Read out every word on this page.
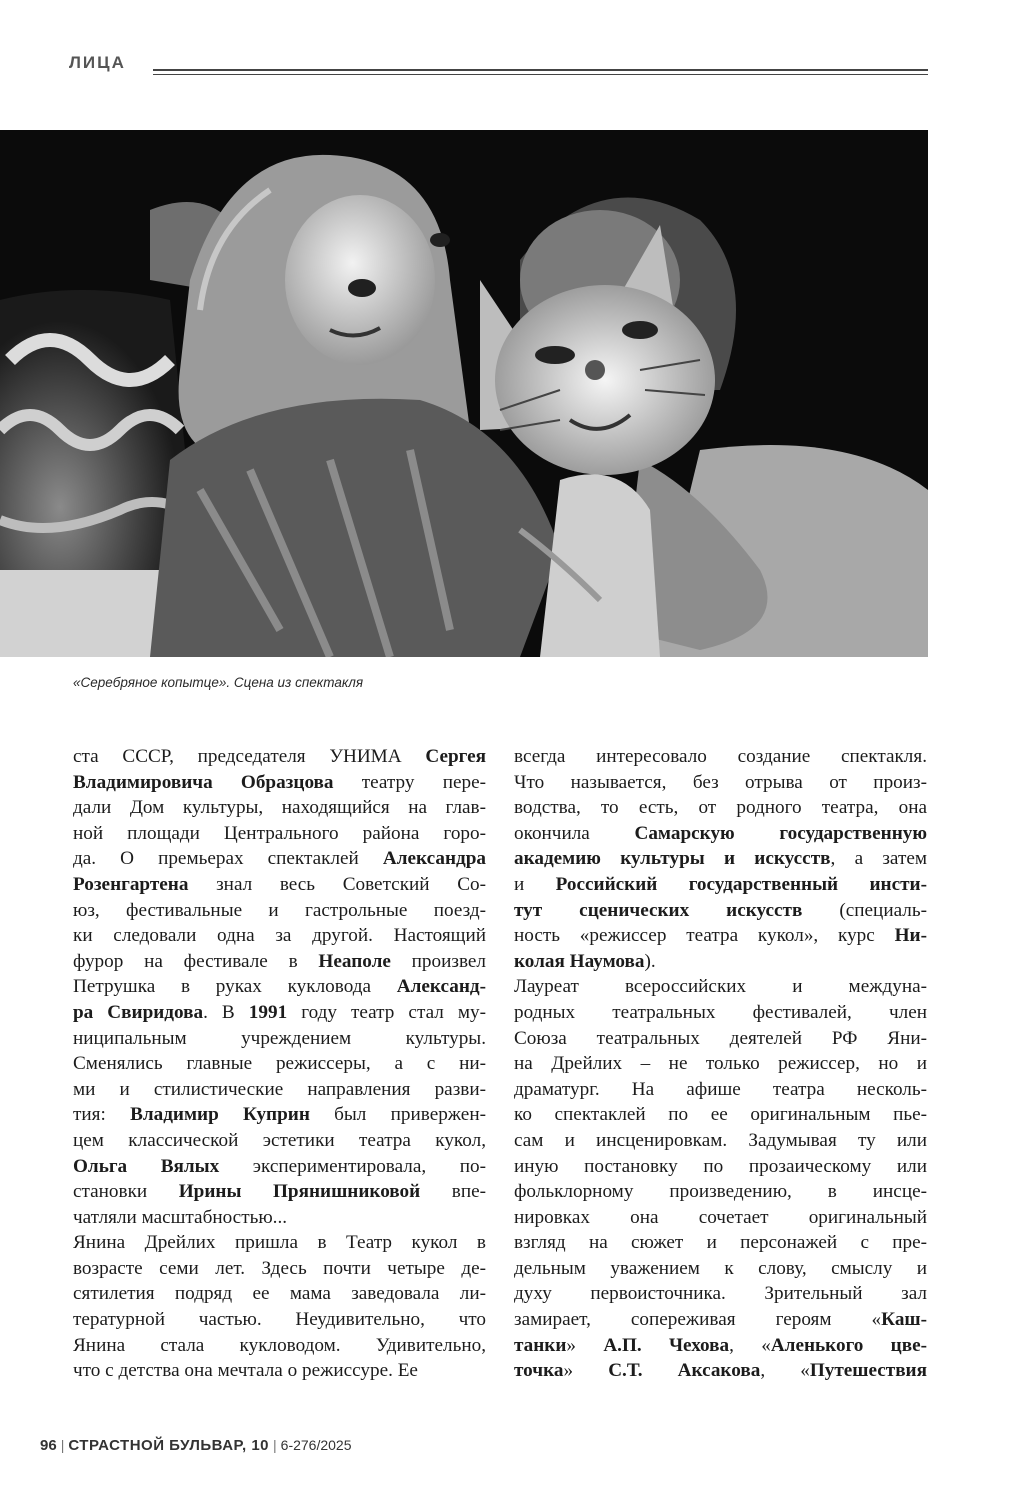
ЛИЦА
«Серебряное копытце». Сцена из спектакля
ста СССР, председателя УНИМА Сергея
Владимировича Образцова театру пере-
дали Дом культуры, находящийся на глав-
ной площади Центрального района горо-
да. О премьерах спектаклей Александра
Розенгартена знал весь Советский Со-
юз, фестивальные и гастрольные поезд-
ки следовали одна за другой. Настоящий
фурор на фестивале в Неаполе произвел
Петрушка в руках кукловода Александ-
ра Свиридова. В 1991 году театр стал му-
ниципальным учреждением культуры.
Сменялись главные режиссеры, а с ни-
ми и стилистические направления разви-
тия: Владимир Куприн был привержен-
цем классической эстетики театра кукол,
Ольга Вялых экспериментировала, по-
становки Ирины Прянишниковой впе-
чатляли масштабностью...
Янина Дрейлих пришла в Театр кукол в
возрасте семи лет. Здесь почти четыре де-
сятилетия подряд ее мама заведовала ли-
тературной частью. Неудивительно, что
Янина стала кукловодом. Удивительно,
что с детства она мечтала о режиссуре. Ее
всегда интересовало создание спектакля.
Что называется, без отрыва от произ-
водства, то есть, от родного театра, она
окончила Самарскую государственную
академию культуры и искусств, а затем
и Российский государственный инсти-
тут сценических искусств (специаль-
ность «режиссер театра кукол», курс Ни-
колая Наумова).
Лауреат всероссийских и междуна-
родных театральных фестивалей, член
Союза театральных деятелей РФ Яни-
на Дрейлих – не только режиссер, но и
драматург. На афише театра несколь-
ко спектаклей по ее оригинальным пье-
сам и инсценировкам. Задумывая ту или
иную постановку по прозаическому или
фольклорному произведению, в инсце-
нировках она сочетает оригинальный
взгляд на сюжет и персонажей с пре-
дельным уважением к слову, смыслу и
духу первоисточника. Зрительный зал
замирает, сопереживая героям «Каш-
танки» А.П. Чехова, «Аленького цве-
точка» С.Т. Аксакова, «Путешествия
96 | СТРАСТНОЙ БУЛЬВАР, 10 | 6-276/2025
